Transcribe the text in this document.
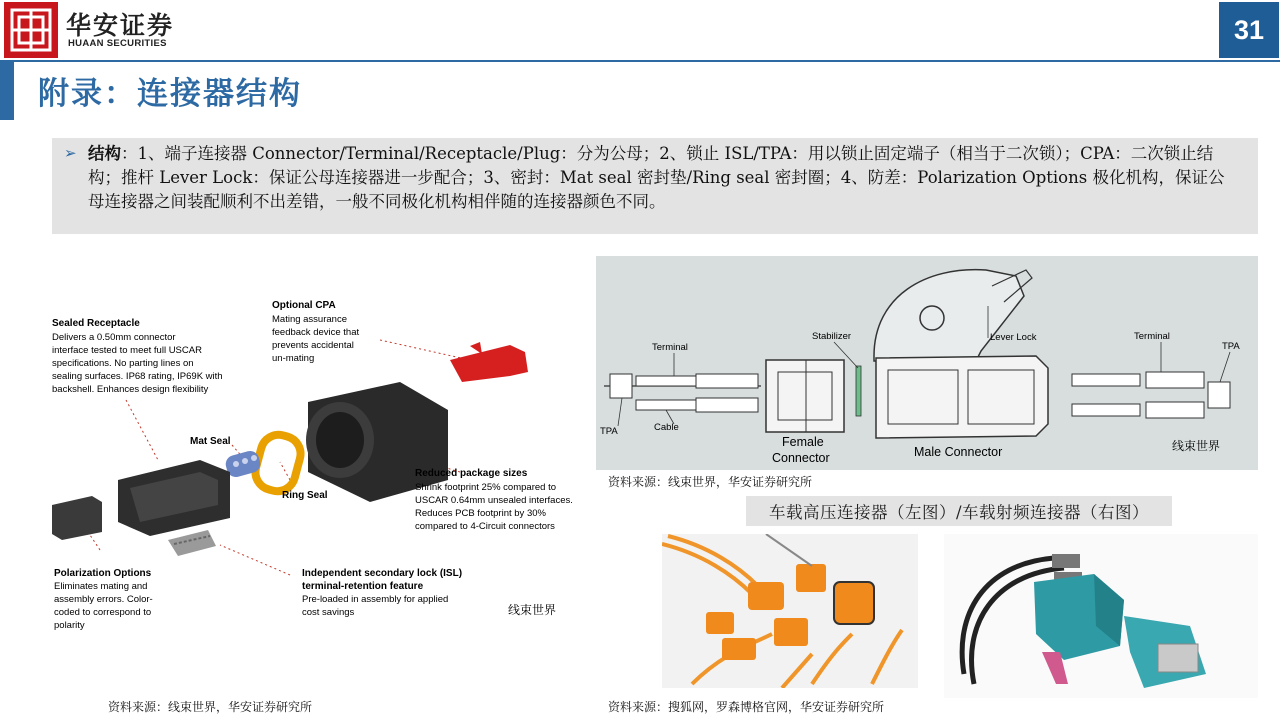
华安证券
HUAAN SECURITIES	31
附录：连接器结构
➢ 结构：1、端子连接器 Connector/Terminal/Receptacle/Plug：分为公母；2、锁止 ISL/TPA：用以锁止固定端子（相当于二次锁）；CPA：二次锁止结构；推杆 Lever Lock：保证公母连接器进一步配合；3、密封：Mat seal 密封垫/Ring seal 密封圈；4、防差：Polarization Options 极化机构，保证公母连接器之间装配顺利不出差错，一般不同极化机构相伴随的连接器颜色不同。
Sealed Receptacle
Delivers a 0.50mm connector
interface tested to meet full USCAR
specifications. No parting lines on
sealing surfaces. IP68 rating, IP69K with
backshell. Enhances design flexibility
Optional CPA
Mating assurance
feedback device that
prevents accidental
un-mating
Mat Seal
Ring Seal
Reduced package sizes
Shrink footprint 25% compared to
USCAR 0.64mm unsealed interfaces.
Reduces PCB footprint by 30%
compared to 4-Circuit connectors
Polarization Options
Eliminates mating and
assembly errors. Color-
coded to correspond to
polarity
Independent secondary lock (ISL)
terminal-retention feature
Pre-loaded in assembly for applied
cost savings	线束世界
Terminal
TPA	Cable
Stabilizer	Lever Lock	Terminal
TPA
Female
Connector	Male Connector	线束世界
资料来源：线束世界，华安证券研究所
车载高压连接器（左图）/车载射频连接器（右图）
资料来源：线束世界，华安证券研究所	资料来源：搜狐网，罗森博格官网，华安证券研究所
